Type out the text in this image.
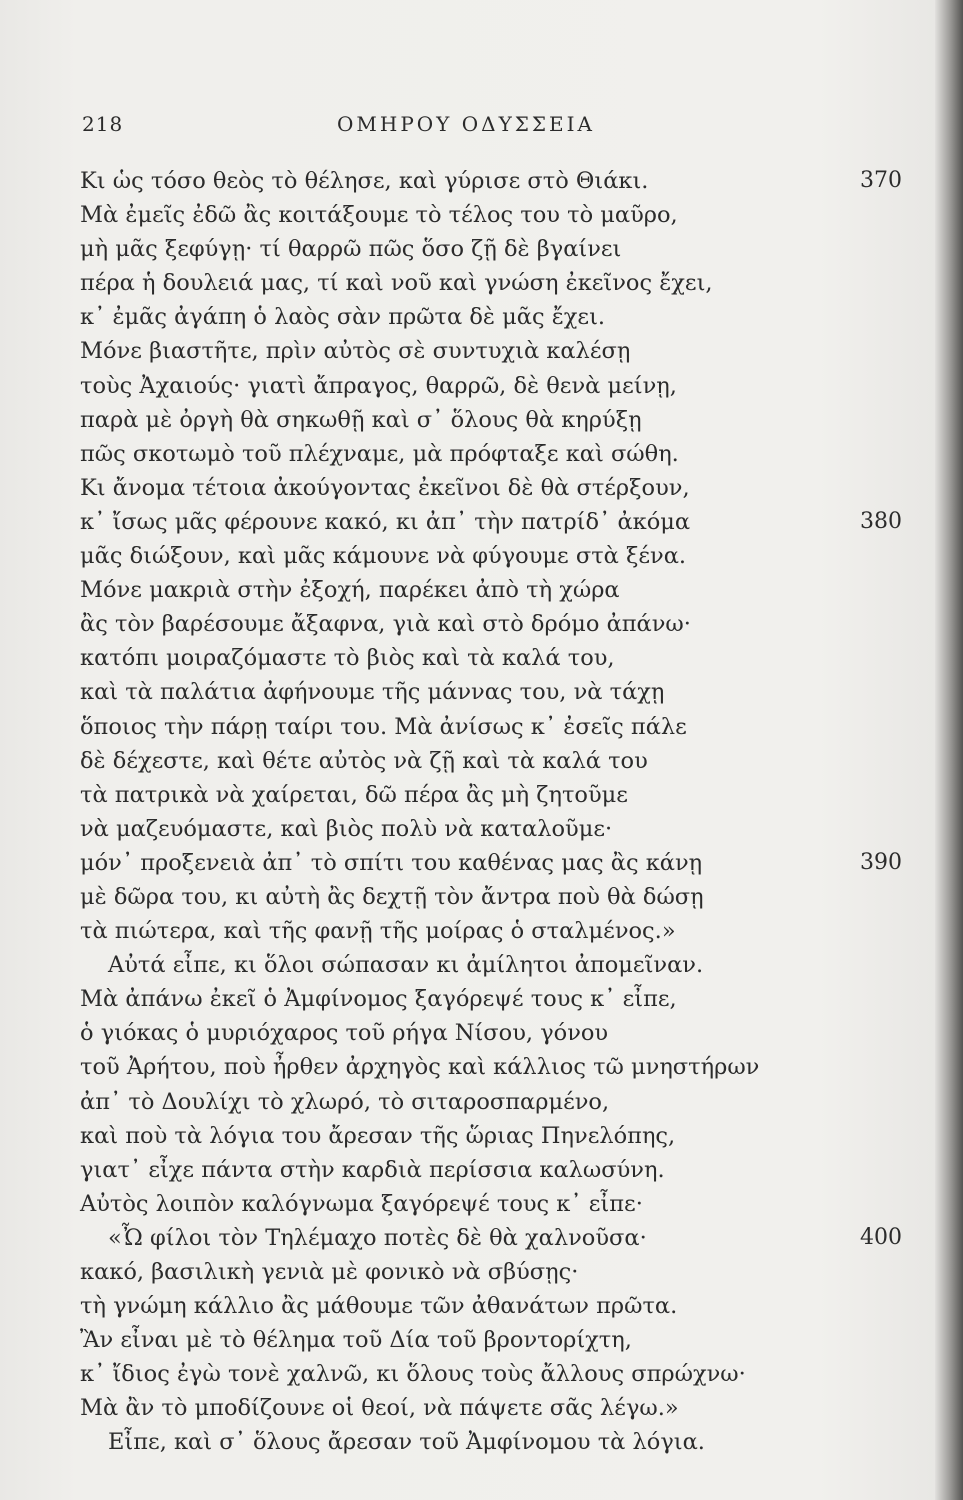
218	ΟΜΗΡΟΥ ΟΔΥΣΣΕΙΑ
Κι ὡς τόσο θεὸς τὸ θέλησε, καὶ γύρισε στὸ Θιάκι.	370
Μὰ ἐμεῖς ἐδῶ ἂς κοιτάξουμε τὸ τέλος του τὸ μαῦρο,
μὴ μᾶς ξεφύγῃ· τί θαρρῶ πῶς ὅσο ζῇ δὲ βγαίνει
πέρα ἡ δουλειά μας, τί καὶ νοῦ καὶ γνώση ἐκεῖνος ἔχει,
κ᾽ ἐμᾶς ἀγάπη ὁ λαὸς σὰν πρῶτα δὲ μᾶς ἔχει.
Μόνε βιαστῆτε, πρὶν αὐτὸς σὲ συντυχιὰ καλέσῃ
τοὺς Ἀχαιούς· γιατὶ ἄπραγος, θαρρῶ, δὲ θενὰ μείνῃ,
παρὰ μὲ ὀργὴ θὰ σηκωθῇ καὶ σ᾽ ὅλους θὰ κηρύξῃ
πῶς σκοτωμὸ τοῦ πλέχναμε, μὰ πρόφταξε καὶ σώθη.
Κι ἄνομα τέτοια ἀκούγοντας ἐκεῖνοι δὲ θὰ στέρξουν,
κ᾽ ἴσως μᾶς φέρουνε κακό, κι ἀπ᾽ τὴν πατρίδ᾽ ἀκόμα	380
μᾶς διώξουν, καὶ μᾶς κάμουνε νὰ φύγουμε στὰ ξένα.
Μόνε μακριὰ στὴν ἐξοχή, παρέκει ἀπὸ τὴ χώρα
ἂς τὸν βαρέσουμε ἄξαφνα, γιὰ καὶ στὸ δρόμο ἀπάνω·
κατόπι μοιραζόμαστε τὸ βιὸς καὶ τὰ καλά του,
καὶ τὰ παλάτια ἀφήνουμε τῆς μάννας του, νὰ τάχῃ
ὅποιος τὴν πάρῃ ταίρι του. Μὰ ἀνίσως κ᾽ ἐσεῖς πάλε
δὲ δέχεστε, καὶ θέτε αὐτὸς νὰ ζῇ καὶ τὰ καλά του
τὰ πατρικὰ νὰ χαίρεται, δῶ πέρα ἂς μὴ ζητοῦμε
νὰ μαζευόμαστε, καὶ βιὸς πολὺ νὰ καταλοῦμε·
μόν᾽ προξενειὰ ἀπ᾽ τὸ σπίτι του καθένας μας ἂς κάνῃ	390
μὲ δῶρα του, κι αὐτὴ ἂς δεχτῇ τὸν ἄντρα ποὺ θὰ δώσῃ
τὰ πιώτερα, καὶ τῆς φανῇ τῆς μοίρας ὁ σταλμένος.»
Αὐτά εἶπε, κι ὅλοι σώπασαν κι ἀμίλητοι ἀπομεῖναν.
Μὰ ἀπάνω ἐκεῖ ὁ Ἀμφίνομος ξαγόρεψέ τους κ᾽ εἶπε,
ὁ γιόκας ὁ μυριόχαρος τοῦ ρήγα Νίσου, γόνου
τοῦ Ἀρήτου, ποὺ ἦρθεν ἀρχηγὸς καὶ κάλλιος τῶ μνηστήρων
ἀπ᾽ τὸ Δουλίχι τὸ χλωρό, τὸ σιταροσπαρμένο,
καὶ ποὺ τὰ λόγια του ἄρεσαν τῆς ὥριας Πηνελόπης,
γιατ᾽ εἶχε πάντα στὴν καρδιὰ περίσσια καλωσύνη.
Αὐτὸς λοιπὸν καλόγνωμα ξαγόρεψέ τους κ᾽ εἶπε·
«Ὦ φίλοι τὸν Τηλέμαχο ποτὲς δὲ θὰ χαλνοῦσα·	400
κακό, βασιλικὴ γενιὰ μὲ φονικὸ νὰ σβύσῃς·
τὴ γνώμη κάλλιο ἂς μάθουμε τῶν ἀθανάτων πρῶτα.
Ἂν εἶναι μὲ τὸ θέλημα τοῦ Δία τοῦ βροντορίχτη,
κ᾽ ἴδιος ἐγὼ τονὲ χαλνῶ, κι ὅλους τοὺς ἄλλους σπρώχνω·
Μὰ ἂν τὸ μποδίζουνε οἱ θεοί, νὰ πάψετε σᾶς λέγω.»
Εἶπε, καὶ σ᾽ ὅλους ἄρεσαν τοῦ Ἀμφίνομου τὰ λόγια.
